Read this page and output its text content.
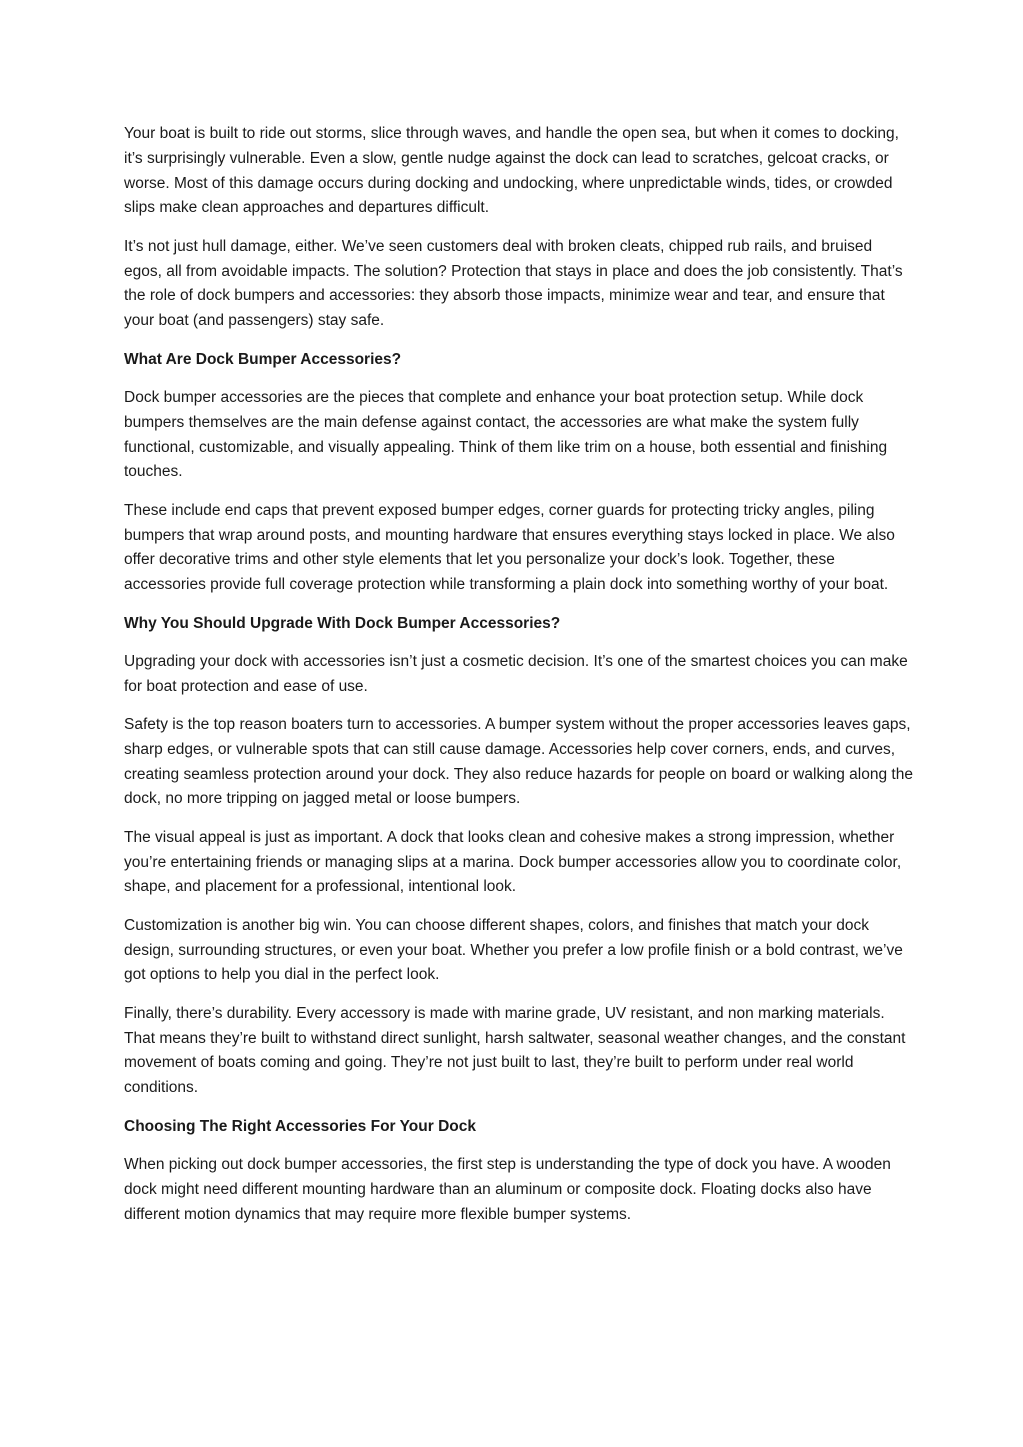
Your boat is built to ride out storms, slice through waves, and handle the open sea, but when it comes to docking, it’s surprisingly vulnerable. Even a slow, gentle nudge against the dock can lead to scratches, gelcoat cracks, or worse. Most of this damage occurs during docking and undocking, where unpredictable winds, tides, or crowded slips make clean approaches and departures difficult.

It’s not just hull damage, either. We’ve seen customers deal with broken cleats, chipped rub rails, and bruised egos, all from avoidable impacts. The solution? Protection that stays in place and does the job consistently. That’s the role of dock bumpers and accessories: they absorb those impacts, minimize wear and tear, and ensure that your boat (and passengers) stay safe.

What Are Dock Bumper Accessories?

Dock bumper accessories are the pieces that complete and enhance your boat protection setup. While dock bumpers themselves are the main defense against contact, the accessories are what make the system fully functional, customizable, and visually appealing. Think of them like trim on a house, both essential and finishing touches.

These include end caps that prevent exposed bumper edges, corner guards for protecting tricky angles, piling bumpers that wrap around posts, and mounting hardware that ensures everything stays locked in place. We also offer decorative trims and other style elements that let you personalize your dock’s look. Together, these accessories provide full coverage protection while transforming a plain dock into something worthy of your boat.

Why You Should Upgrade With Dock Bumper Accessories?

Upgrading your dock with accessories isn’t just a cosmetic decision. It’s one of the smartest choices you can make for boat protection and ease of use.

Safety is the top reason boaters turn to accessories. A bumper system without the proper accessories leaves gaps, sharp edges, or vulnerable spots that can still cause damage. Accessories help cover corners, ends, and curves, creating seamless protection around your dock. They also reduce hazards for people on board or walking along the dock, no more tripping on jagged metal or loose bumpers.

The visual appeal is just as important. A dock that looks clean and cohesive makes a strong impression, whether you’re entertaining friends or managing slips at a marina. Dock bumper accessories allow you to coordinate color, shape, and placement for a professional, intentional look.

Customization is another big win. You can choose different shapes, colors, and finishes that match your dock design, surrounding structures, or even your boat. Whether you prefer a low profile finish or a bold contrast, we’ve got options to help you dial in the perfect look.

Finally, there’s durability. Every accessory is made with marine grade, UV resistant, and non marking materials. That means they’re built to withstand direct sunlight, harsh saltwater, seasonal weather changes, and the constant movement of boats coming and going. They’re not just built to last, they’re built to perform under real world conditions.

Choosing The Right Accessories For Your Dock

When picking out dock bumper accessories, the first step is understanding the type of dock you have. A wooden dock might need different mounting hardware than an aluminum or composite dock. Floating docks also have different motion dynamics that may require more flexible bumper systems.
